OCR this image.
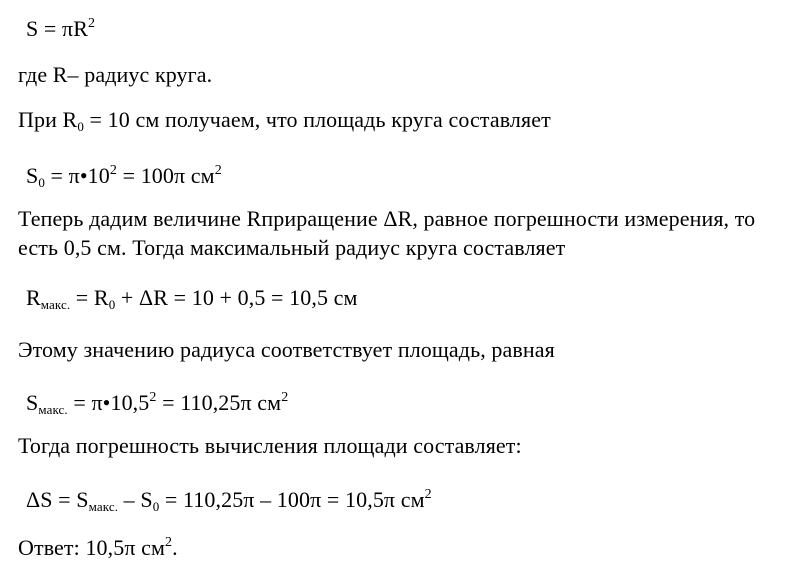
$S = \pi R^2$
где R– радиус круга.
При $R_0 = 10$ см получаем, что площадь круга составляет
$S_0$ = $\pi•10^2 = 100\pi$ $см^2$
Теперь дадим величине Rприращение ΔR, равное погрешности измерения, то
есть 0,5 см. Тогда максимальный радиус круга составляет
$R_{макс.} = R_0 + \Delta R = 10 + 0,5 = 10,5$ см
Этому значению радиуса соответствует площадь, равная
$S_{макс.}$ = $\pi•10,5^2 = 110,25\pi$ $см^2$
Тогда погрешность вычисления площади составляет:
$\Delta S = S_{макс.} - S_0 = 110,25\pi - 100\pi = 10,5\pi$ $см^2$
Ответ: 10,5π $см^2$.
